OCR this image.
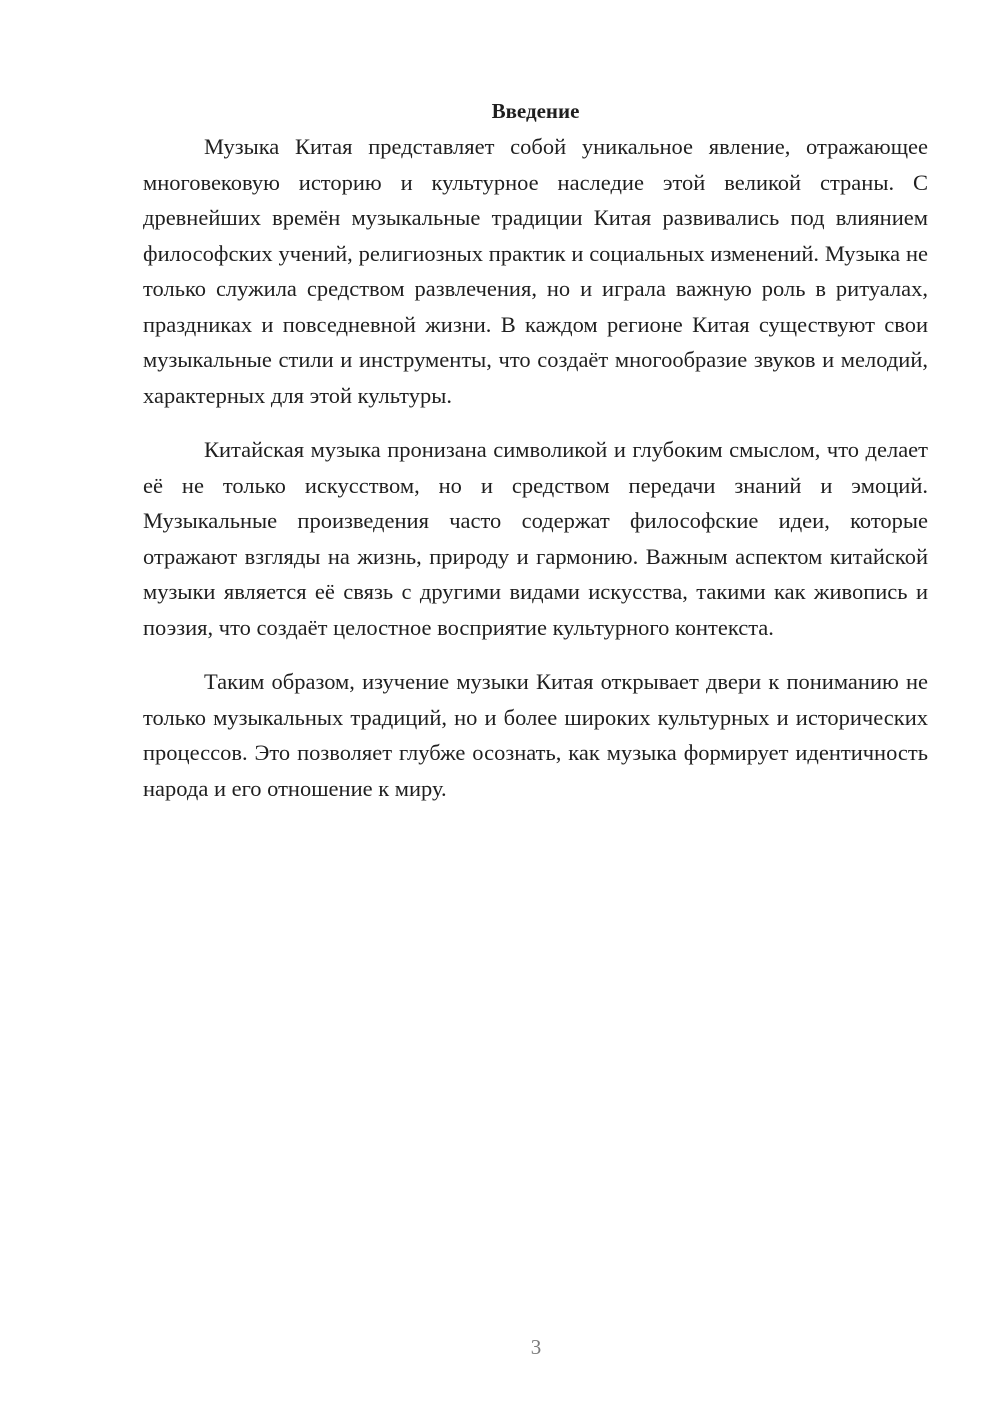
Введение

Музыка Китая представляет собой уникальное явление, отражающее многовековую историю и культурное наследие этой великой страны. С древнейших времён музыкальные традиции Китая развивались под влиянием философских учений, религиозных практик и социальных изменений. Музыка не только служила средством развлечения, но и играла важную роль в ритуалах, праздниках и повседневной жизни. В каждом регионе Китая существуют свои музыкальные стили и инструменты, что создаёт многообразие звуков и мелодий, характерных для этой культуры.

Китайская музыка пронизана символикой и глубоким смыслом, что делает её не только искусством, но и средством передачи знаний и эмоций. Музыкальные произведения часто содержат философские идеи, которые отражают взгляды на жизнь, природу и гармонию. Важным аспектом китайской музыки является её связь с другими видами искусства, такими как живопись и поэзия, что создаёт целостное восприятие культурного контекста.

Таким образом, изучение музыки Китая открывает двери к пониманию не только музыкальных традиций, но и более широких культурных и исторических процессов. Это позволяет глубже осознать, как музыка формирует идентичность народа и его отношение к миру.

3
